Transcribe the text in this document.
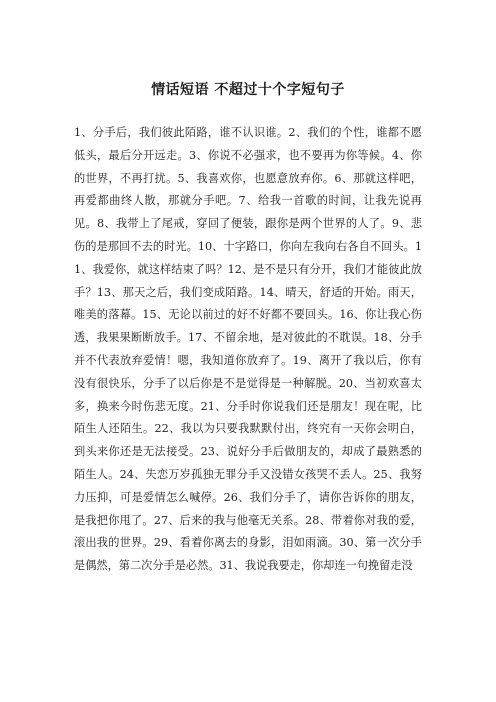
情话短语 不超过十个字短句子
1、分手后，我们彼此陌路，谁不认识谁。2、我们的个性，谁都不愿低头，最后分开远走。3、你说不必强求，也不要再为你等候。4、你的世界，不再打扰。5、我喜欢你，也愿意放弃你。6、那就这样吧，再爱都曲终人散，那就分手吧。7、给我一首歌的时间，让我先说再见。8、我带上了尾戒，穿回了便装，跟你是两个世界的人了。9、悲伤的是那回不去的时光。10、十字路口，你向左我向右各自不回头。11、我爱你，就这样结束了吗？12、是不是只有分开，我们才能彼此放手？13、那天之后，我们变成陌路。14、晴天，舒适的开始。雨天，唯美的落幕。15、无论以前过的好不好都不要回头。16、你让我心伤透，我果果断断放手。17、不留余地，是对彼此的不耽误。18、分手并不代表放弃爱情！嗯，我知道你放弃了。19、离开了我以后，你有没有很快乐，分手了以后你是不是觉得是一种解脱。20、当初欢喜太多，换来今时伤悲无度。21、分手时你说我们还是朋友！现在呢，比陌生人还陌生。22、我以为只要我默默付出，终究有一天你会明白，到头来你还是无法接受。23、说好分手后做朋友的，却成了最熟悉的陌生人。24、失恋万岁孤独无罪分手又没错女孩哭不丢人。25、我努力压抑，可是爱情怎么喊停。26、我们分手了，请你告诉你的朋友，是我把你甩了。27、后来的我与他毫无关系。28、带着你对我的爱，滚出我的世界。29、看着你离去的身影，泪如雨滴。30、第一次分手是偶然，第二次分手是必然。31、我说我要走，你却连一句挽留走没
